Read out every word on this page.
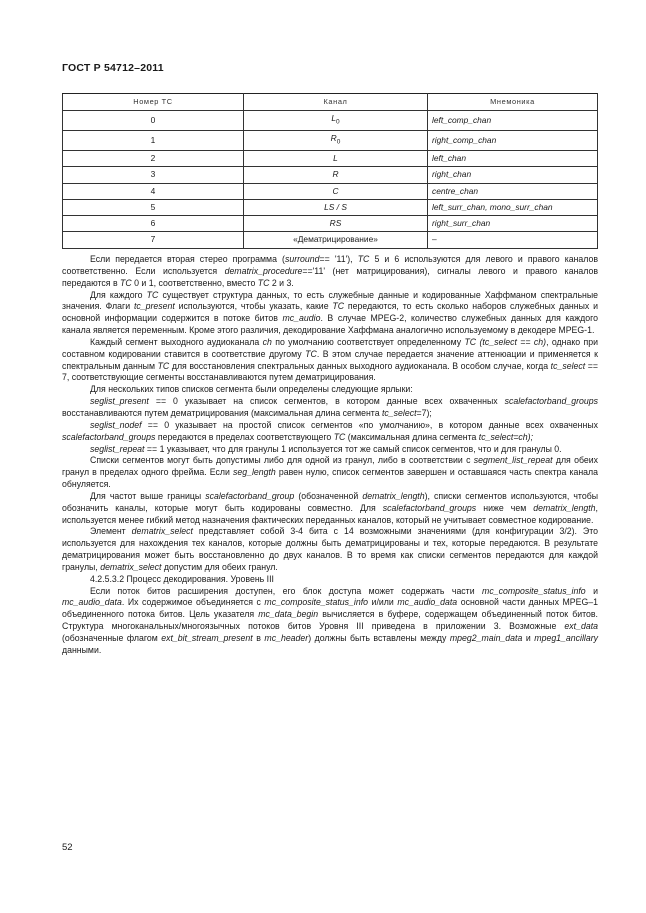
ГОСТ Р 54712–2011
Номер ТС	Канал	Мнемоника
0	$L_0$	left_comp_chan
1	$R_0$	right_comp_chan
2	L	left_chan
3	R	right_chan
4	C	centre_chan
5	LS / S	left_surr_chan, mono_surr_chan
6	RS	right_surr_chan
7	«Дематрицирование»	–

Если передается вторая стерео программа (surround== '11'), TC 5 и 6 используются для левого и правого каналов соответственно. Если используется dematrix_procedure=='11' (нет матрицирования), сигналы левого и правого каналов передаются в TC 0 и 1, соответственно, вместо TC 2 и 3.

Для каждого ТС существует структура данных, то есть служебные данные и кодированные Хаффманом спектральные значения. Флаги tc_present используются, чтобы указать, какие TC передаются, то есть сколько наборов служебных данных и основной информации содержится в потоке битов mc_audio. В случае MPEG-2, количество служебных данных для каждого канала является переменным. Кроме этого различия, декодирование Хаффмана аналогично используемому в декодере MPEG-1.

Каждый сегмент выходного аудиоканала ch по умолчанию соответствует определенному TC (tc_select == ch), однако при составном кодировании ставится в соответствие другому TC. В этом случае передается значение аттенюации и применяется к спектральным данным TC для восстановления спектральных данных выходного аудиоканала. В особом случае, когда tc_select == 7, соответствующие сегменты восстанавливаются путем дематрицирования.

Для нескольких типов списков сегмента были определены следующие ярлыки:

seglist_present == 0 указывает на список сегментов, в котором данные всех охваченных scalefactorband_groups восстанавливаются путем дематрицирования (максимальная длина сегмента tc_select=7);

seglist_nodef == 0 указывает на простой список сегментов «по умолчанию», в котором данные всех охваченных scalefactorband_groups передаются в пределах соответствующего ТС (максимальная длина сегмента tc_select=ch);

seglist_repeat == 1 указывает, что для гранулы 1 используется тот же самый список сегментов, что и для гранулы 0.

Списки сегментов могут быть допустимы либо для одной из гранул, либо в соответствии с segment_list_repeat для обеих гранул в пределах одного фрейма. Если seg_length равен нулю, список сегментов завершен и оставшаяся часть спектра канала обнуляется.

Для частот выше границы scalefactorband_group (обозначенной dematrix_length), списки сегментов используются, чтобы обозначить каналы, которые могут быть кодированы совместно. Для scalefactorband_groups ниже чем dematrix_length, используется менее гибкий метод назначения фактических переданных каналов, который не учитывает совместное кодирование.

Элемент dematrix_select представляет собой 3-4 бита с 14 возможными значениями (для конфигурации 3/2). Это используется для нахождения тех каналов, которые должны быть дематрицированы и тех, которые передаются. В результате дематрицирования может быть восстановленно до двух каналов. В то время как списки сегментов передаются для каждой гранулы, dematrix_select допустим для обеих гранул.

4.2.5.3.2 Процесс декодирования. Уровень III

Если поток битов расширения доступен, его блок доступа может содержать части mc_composite_status_info и mc_audio_data. Их содержимое объединяется с mc_composite_status_info и/или mc_audio_data основной части данных MPEG–1 объединенного потока битов. Цель указателя mc_data_begin вычисляется в буфере, содержащем объединенный поток битов. Структура многоканальных/многоязычных потоков битов Уровня III приведена в приложении 3. Возможные ext_data (обозначенные флагом ext_bit_stream_present в mc_header) должны быть вставлены между mpeg2_main_data и mpeg1_ancillary данными.

52
